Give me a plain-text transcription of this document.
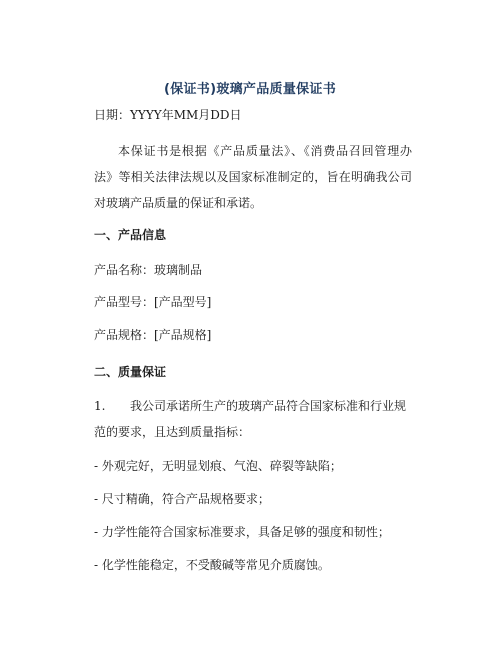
(保证书)玻璃产品质量保证书
日期：YYYY年MM月DD日
本保证书是根据《产品质量法》、《消费品召回管理办法》等相关法律法规以及国家标准制定的，旨在明确我公司对玻璃产品质量的保证和承诺。
一、产品信息
产品名称：玻璃制品
产品型号：[产品型号]
产品规格：[产品规格]
二、质量保证
1. 我公司承诺所生产的玻璃产品符合国家标准和行业规范的要求，且达到质量指标：
- 外观完好，无明显划痕、气泡、碎裂等缺陷；
- 尺寸精确，符合产品规格要求；
- 力学性能符合国家标准要求，具备足够的强度和韧性；
- 化学性能稳定，不受酸碱等常见介质腐蚀。
